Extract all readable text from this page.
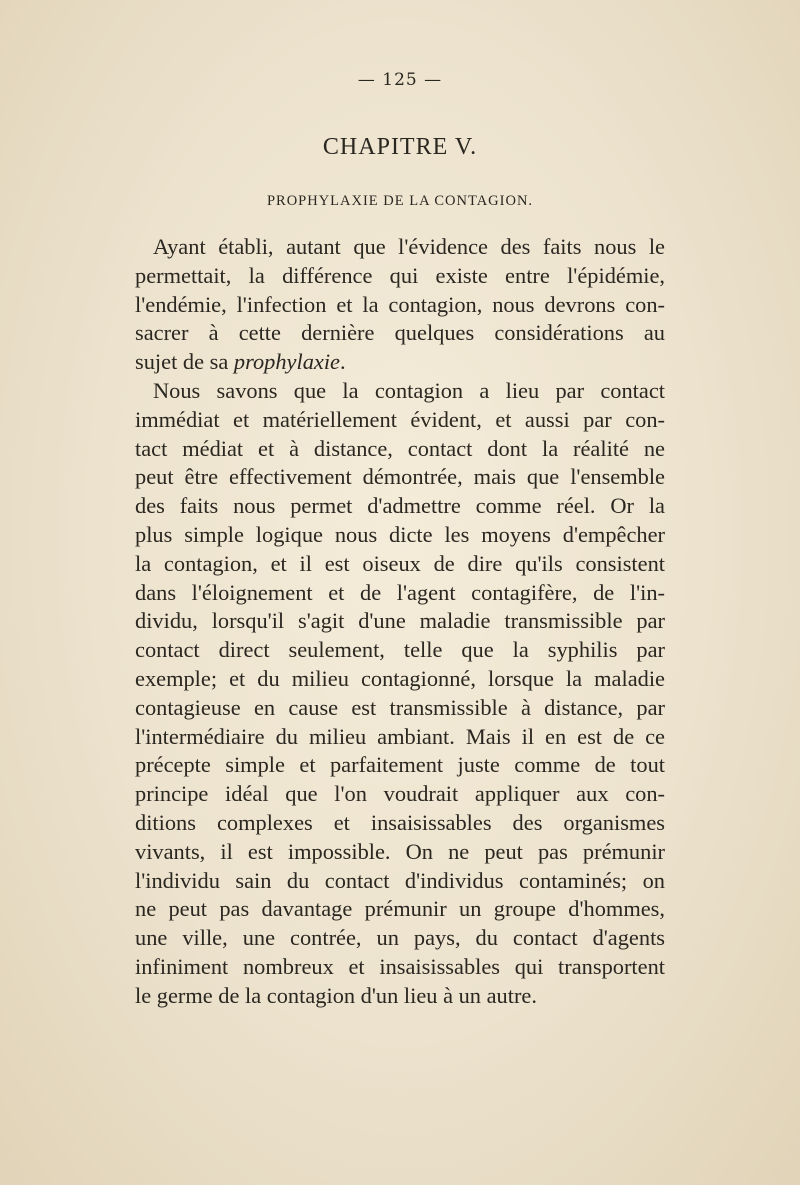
— 125 —
CHAPITRE V.
PROPHYLAXIE DE LA CONTAGION.
Ayant établi, autant que l'évidence des faits nous le
permettait, la différence qui existe entre l'épidémie,
l'endémie, l'infection et la contagion, nous devrons con-
sacrer à cette dernière quelques considérations au
sujet de sa prophylaxie.
Nous savons que la contagion a lieu par contact
immédiat et matériellement évident, et aussi par con-
tact médiat et à distance, contact dont la réalité ne
peut être effectivement démontrée, mais que l'ensemble
des faits nous permet d'admettre comme réel. Or la
plus simple logique nous dicte les moyens d'empêcher
la contagion, et il est oiseux de dire qu'ils consistent
dans l'éloignement et de l'agent contagifère, de l'in-
dividu, lorsqu'il s'agit d'une maladie transmissible par
contact direct seulement, telle que la syphilis par
exemple; et du milieu contagionné, lorsque la maladie
contagieuse en cause est transmissible à distance, par
l'intermédiaire du milieu ambiant. Mais il en est de ce
précepte simple et parfaitement juste comme de tout
principe idéal que l'on voudrait appliquer aux con-
ditions complexes et insaisissables des organismes
vivants, il est impossible. On ne peut pas prémunir
l'individu sain du contact d'individus contaminés; on
ne peut pas davantage prémunir un groupe d'hommes,
une ville, une contrée, un pays, du contact d'agents
infiniment nombreux et insaisissables qui transportent
le germe de la contagion d'un lieu à un autre.
